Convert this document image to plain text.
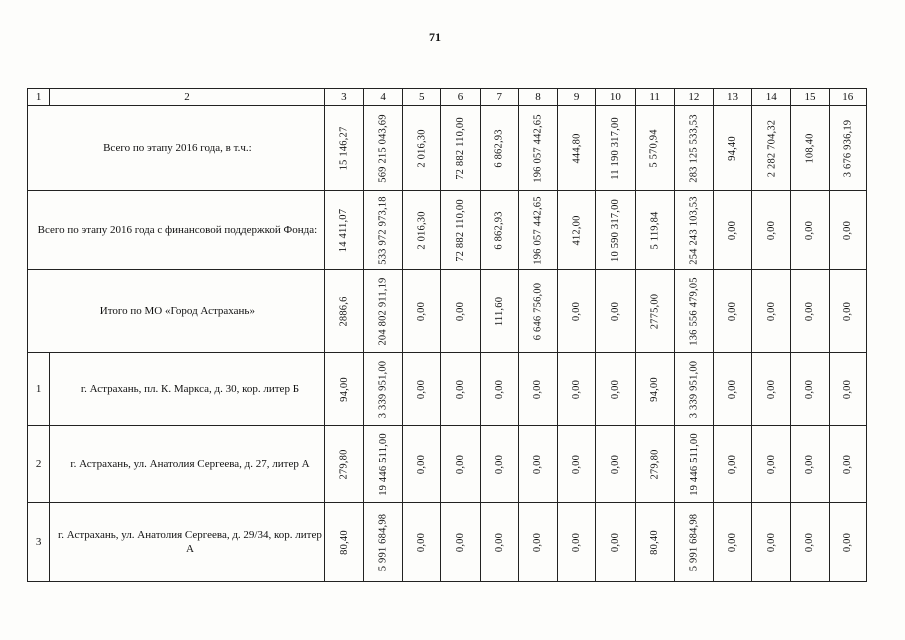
71
1	2	3	4	5	6	7	8	9	10	11	12	13	14	15	16
Всего по этапу 2016 года, в т.ч.:		15 146,27	569 215 043,69	2 016,30	72 882 110,00	6 862,93	196 057 442,65	444,80	11 190 317,00	5 570,94	283 125 533,53	94,40	2 282 704,32	108,40	3 676 936,19

Всего по этапу 2016 года с финансовой поддержкой Фонда:		14 411,07	533 972 973,18	2 016,30	72 882 110,00	6 862,93	196 057 442,65	412,00	10 590 317,00	5 119,84	254 243 103,53	0,00	0,00	0,00	0,00

Итого по МО «Город Астрахань»		2886,6	204 802 911,19	0,00	0,00	111,60	6 646 756,00	0,00	0,00	2775,00	136 556 479,05	0,00	0,00	0,00	0,00

1	г. Астрахань, пл. К. Маркса, д. 30, кор. литер Б	94,00	3 339 951,00	0,00	0,00	0,00	0,00	0,00	0,00	94,00	3 339 951,00	0,00	0,00	0,00	0,00

2	г. Астрахань, ул. Анатолия Сергеева, д. 27, литер А	279,80	19 446 511,00	0,00	0,00	0,00	0,00	0,00	0,00	279,80	19 446 511,00	0,00	0,00	0,00	0,00

3	г. Астрахань, ул. Анатолия Сергеева, д. 29/34, кор. литер А	80,40	5 991 684,98	0,00	0,00	0,00	0,00	0,00	0,00	80,40	5 991 684,98	0,00	0,00	0,00	0,00
